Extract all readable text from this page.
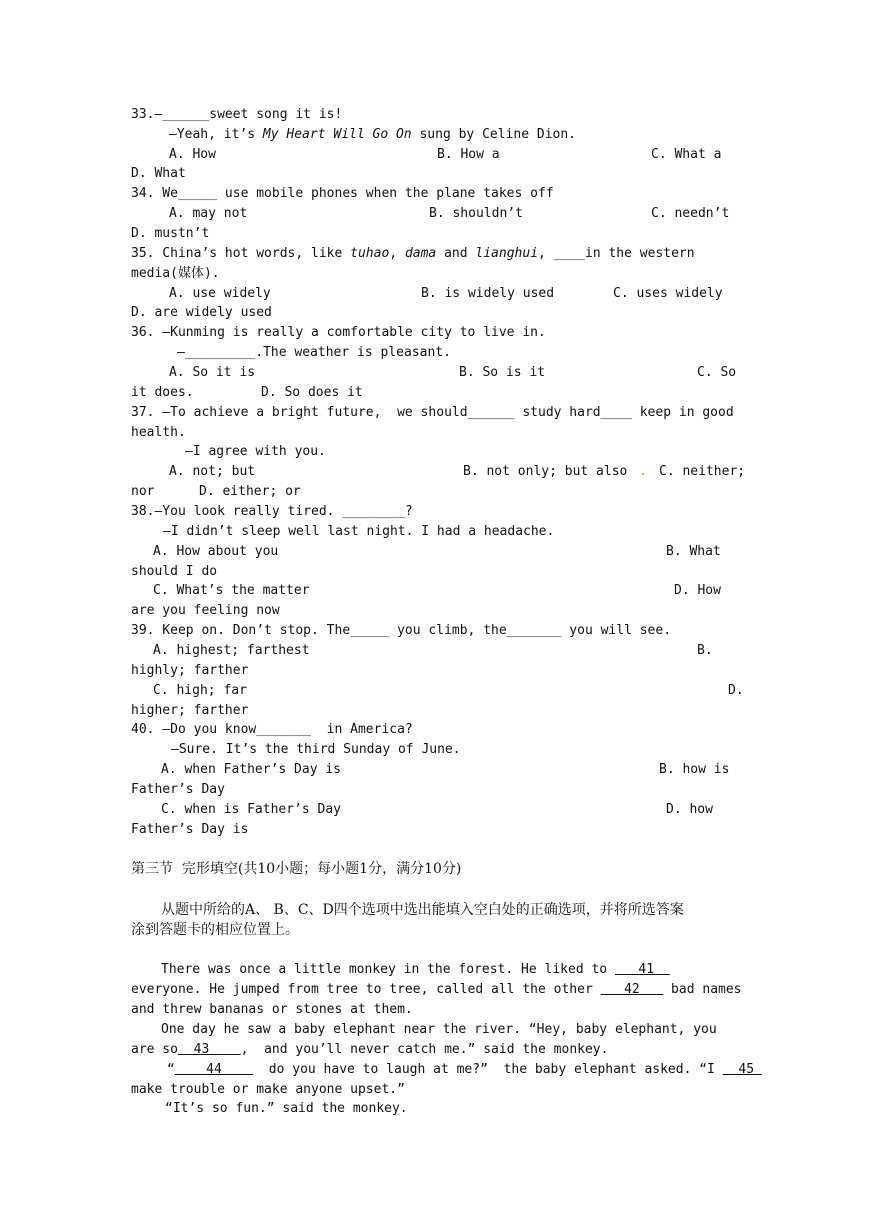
33.—______sweet song it is!
—Yeah, it’s My Heart Will Go On sung by Celine Dion.
A. How	B. How a	C. What a
D. What
34. We_____ use mobile phones when the plane takes off
A. may not	B. shouldn’t	C. needn’t
D. mustn’t
35. China’s hot words, like tuhao, dama and lianghui, ____in the western
media(媒体).
A. use widely	B. is widely used	C. uses widely
D. are widely used
36. —Kunming is really a comfortable city to live in.
—_________.The weather is pleasant.
A. So it is	B. So is it	C. So
it does.	D. So does it
37. —To achieve a bright future,  we should______ study hard____ keep in good
health.
—I agree with you.
A. not; but	B. not only; but also . C. neither;
nor	D. either; or
38.—You look really tired. ________?
—I didn’t sleep well last night. I had a headache.
A. How about you	B. What
should I do
C. What’s the matter	D. How
are you feeling now
39. Keep on. Don’t stop. The_____ you climb, the_______ you will see.
A. highest; farthest	B.
highly; farther
C. high; far	D.
higher; farther
40. —Do you know_______  in America?
—Sure. It’s the third Sunday of June.
A. when Father’s Day is	B. how is
Father’s Day
C. when is Father’s Day	D. how
Father’s Day is
第三节  完形填空(共10小题；每小题1分，满分10分)
从题中所给的A、 B、C、D四个选项中选出能填入空白处的正确选项，并将所选答案
涂到答题卡的相应位置上。
There was once a little monkey in the forest. He liked to    41
everyone. He jumped from tree to tree, called all the other    42    bad names
and threw bananas or stones at them.
One day he saw a baby elephant near the river. “Hey, baby elephant, you
are so  43    ,  and you’ll never catch me.” said the monkey.
“    44      do you have to laugh at me?”  the baby elephant asked. “I   45
make trouble or make anyone upset.”
“It’s so fun.” said the monkey.
